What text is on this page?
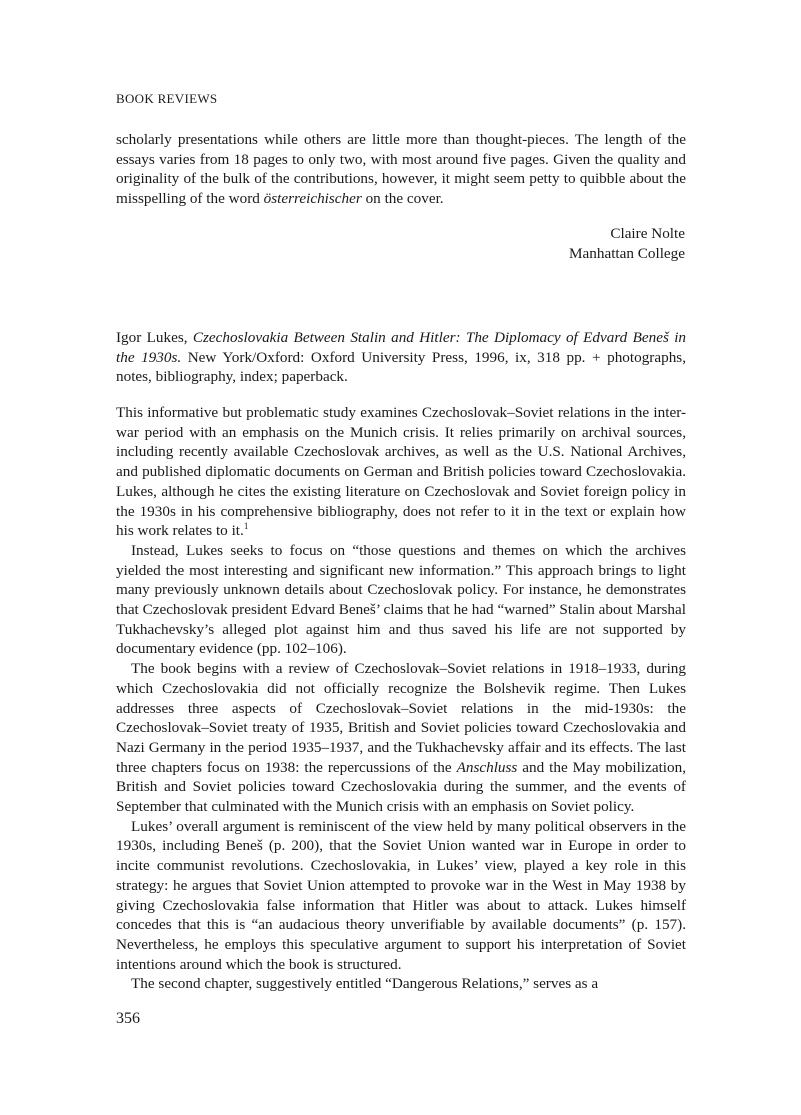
BOOK REVIEWS

scholarly presentations while others are little more than thought-pieces. The length of the essays varies from 18 pages to only two, with most around five pages. Given the quality and originality of the bulk of the contributions, however, it might seem petty to quibble about the misspelling of the word österreichischer on the cover.

Claire Nolte
Manhattan College

Igor Lukes, Czechoslovakia Between Stalin and Hitler: The Diplomacy of Edvard Beneš in the 1930s. New York/Oxford: Oxford University Press, 1996, ix, 318 pp. + photographs, notes, bibliography, index; paperback.

This informative but problematic study examines Czechoslovak–Soviet relations in the inter-war period with an emphasis on the Munich crisis. It relies primarily on archival sources, including recently available Czechoslovak archives, as well as the U.S. National Archives, and published diplomatic documents on German and British policies toward Czechoslovakia. Lukes, although he cites the existing literature on Czechoslovak and Soviet foreign policy in the 1930s in his comprehensive bibliography, does not refer to it in the text or explain how his work relates to it.$^1$

Instead, Lukes seeks to focus on “those questions and themes on which the archives yielded the most interesting and significant new information.” This approach brings to light many previously unknown details about Czechoslovak policy. For instance, he demonstrates that Czechoslovak president Edvard Beneš’ claims that he had “warned” Stalin about Marshal Tukhachevsky’s alleged plot against him and thus saved his life are not supported by documentary evidence (pp. 102–106).

The book begins with a review of Czechoslovak–Soviet relations in 1918–1933, during which Czechoslovakia did not officially recognize the Bolshevik regime. Then Lukes addresses three aspects of Czechoslovak–Soviet relations in the mid-1930s: the Czechoslovak–Soviet treaty of 1935, British and Soviet policies toward Czechoslovakia and Nazi Germany in the period 1935–1937, and the Tukhachevsky affair and its effects. The last three chapters focus on 1938: the repercussions of the Anschluss and the May mobilization, British and Soviet policies toward Czechoslovakia during the summer, and the events of September that culminated with the Munich crisis with an emphasis on Soviet policy.

Lukes’ overall argument is reminiscent of the view held by many political observers in the 1930s, including Beneš (p. 200), that the Soviet Union wanted war in Europe in order to incite communist revolutions. Czechoslovakia, in Lukes’ view, played a key role in this strategy: he argues that Soviet Union attempted to provoke war in the West in May 1938 by giving Czechoslovakia false information that Hitler was about to attack. Lukes himself concedes that this is “an audacious theory unverifiable by available documents” (p. 157). Nevertheless, he employs this speculative argument to support his interpretation of Soviet intentions around which the book is structured.

The second chapter, suggestively entitled “Dangerous Relations,” serves as a

356
